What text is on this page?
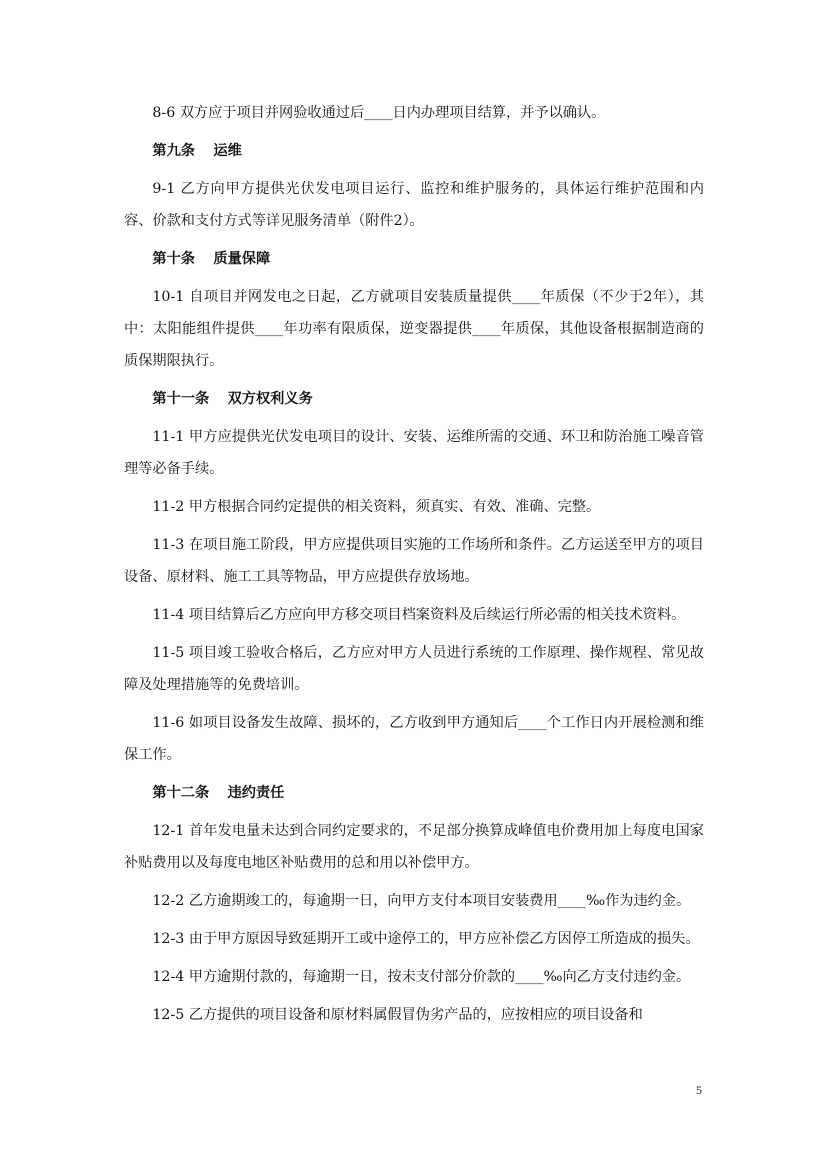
8-6 双方应于项目并网验收通过后____日内办理项目结算，并予以确认。

第九条 运维

9-1 乙方向甲方提供光伏发电项目运行、监控和维护服务的，具体运行维护范围和内容、价款和支付方式等详见服务清单（附件2）。

第十条 质量保障

10-1 自项目并网发电之日起，乙方就项目安装质量提供____年质保（不少于2年），其中：太阳能组件提供____年功率有限质保，逆变器提供____年质保，其他设备根据制造商的质保期限执行。

第十一条 双方权利义务

11-1 甲方应提供光伏发电项目的设计、安装、运维所需的交通、环卫和防治施工噪音管理等必备手续。

11-2 甲方根据合同约定提供的相关资料，须真实、有效、准确、完整。

11-3 在项目施工阶段，甲方应提供项目实施的工作场所和条件。乙方运送至甲方的项目设备、原材料、施工工具等物品，甲方应提供存放场地。

11-4 项目结算后乙方应向甲方移交项目档案资料及后续运行所必需的相关技术资料。

11-5 项目竣工验收合格后，乙方应对甲方人员进行系统的工作原理、操作规程、常见故障及处理措施等的免费培训。

11-6 如项目设备发生故障、损坏的，乙方收到甲方通知后____个工作日内开展检测和维保工作。

第十二条 违约责任

12-1 首年发电量未达到合同约定要求的，不足部分换算成峰值电价费用加上每度电国家补贴费用以及每度电地区补贴费用的总和用以补偿甲方。

12-2 乙方逾期竣工的，每逾期一日，向甲方支付本项目安装费用____‰作为违约金。

12-3 由于甲方原因导致延期开工或中途停工的，甲方应补偿乙方因停工所造成的损失。

12-4 甲方逾期付款的，每逾期一日，按未支付部分价款的____‰向乙方支付违约金。

12-5 乙方提供的项目设备和原材料属假冒伪劣产品的，应按相应的项目设备和

5
